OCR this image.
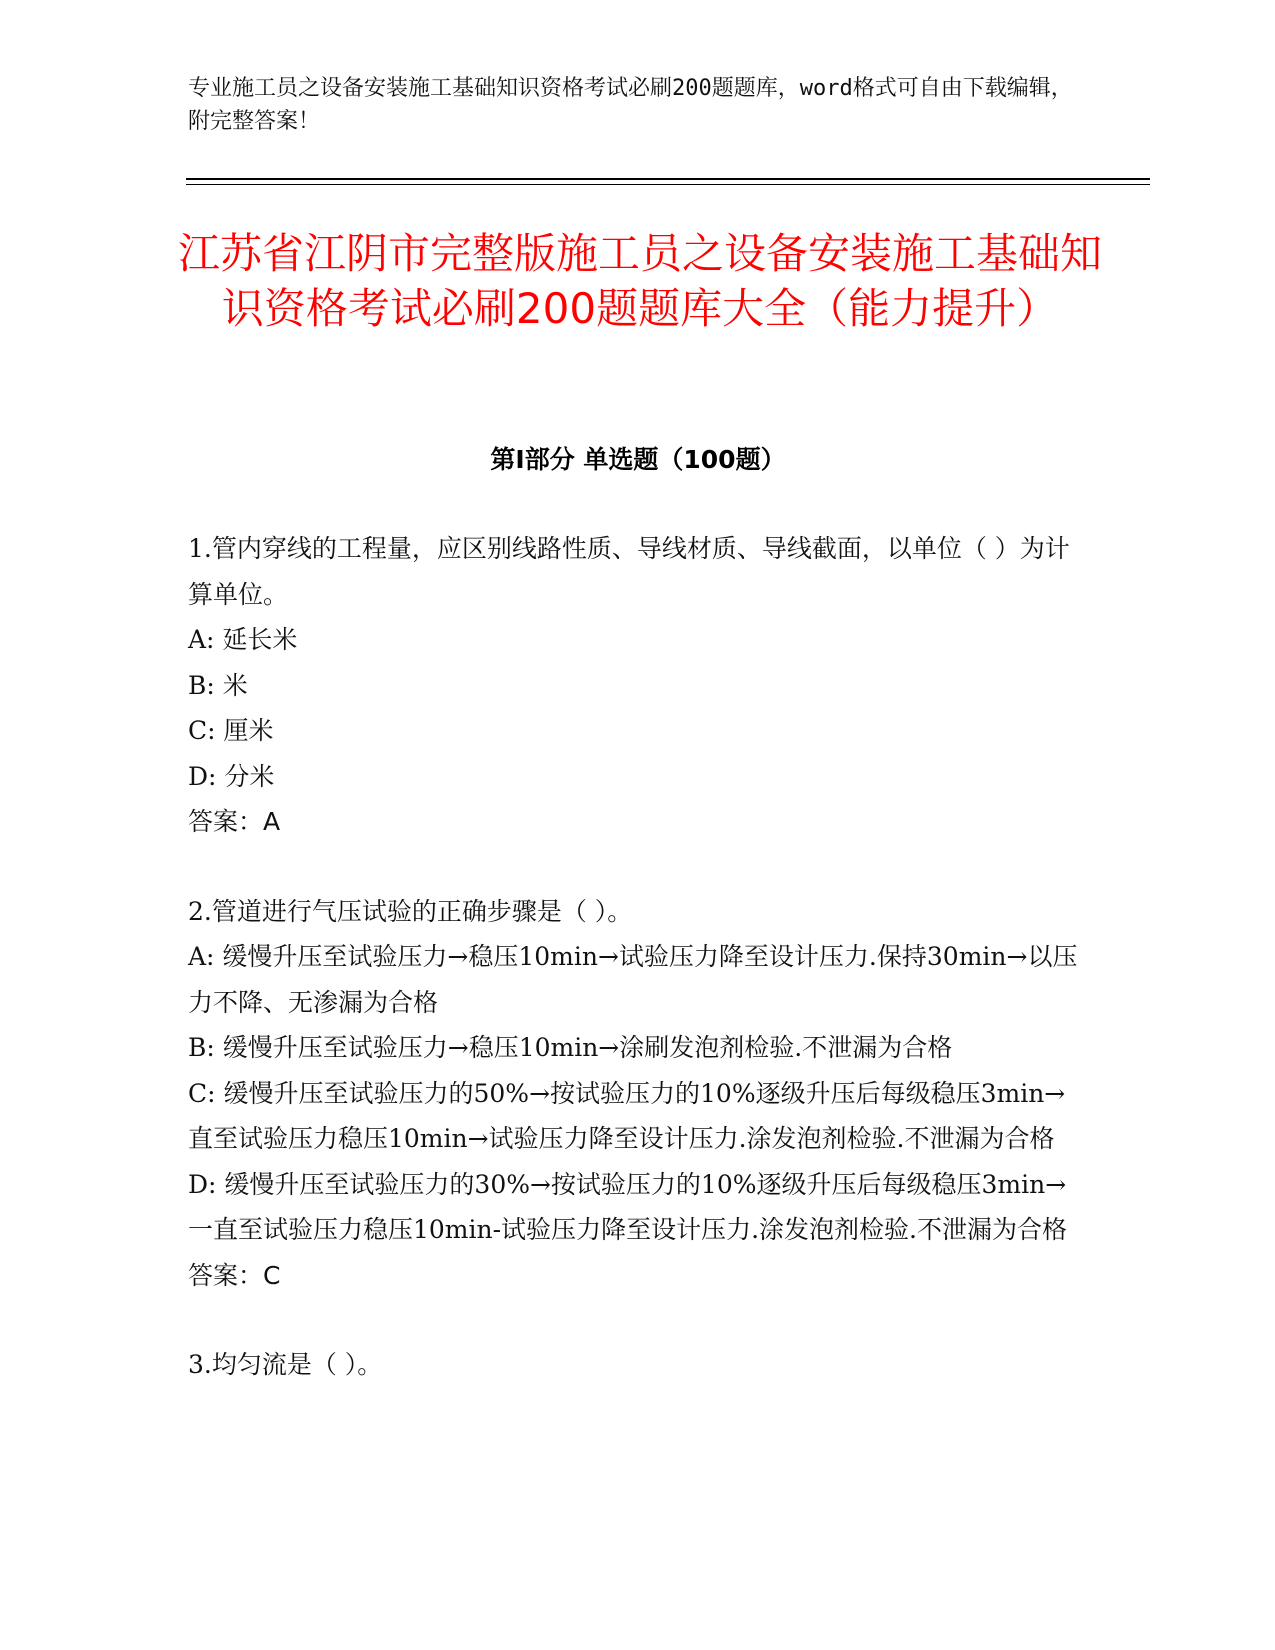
专业施工员之设备安装施工基础知识资格考试必刷200题题库，word格式可自由下载编辑，附完整答案！
江苏省江阴市完整版施工员之设备安装施工基础知识资格考试必刷200题题库大全（能力提升）
第Ⅰ部分 单选题（100题）

1.管内穿线的工程量，应区别线路性质、导线材质、导线截面，以单位（ ）为计算单位。

A: 延长米

B: 米

C: 厘米

D: 分米

答案：A

2.管道进行气压试验的正确步骤是（ ）。

A: 缓慢升压至试验压力→稳压10min→试验压力降至设计压力.保持30min→以压力不降、无渗漏为合格

B: 缓慢升压至试验压力→稳压10min→涂刷发泡剂检验.不泄漏为合格

C: 缓慢升压至试验压力的50%→按试验压力的10%逐级升压后每级稳压3min→直至试验压力稳压10min→试验压力降至设计压力.涂发泡剂检验.不泄漏为合格

D: 缓慢升压至试验压力的30%→按试验压力的10%逐级升压后每级稳压3min→一直至试验压力稳压10min-试验压力降至设计压力.涂发泡剂检验.不泄漏为合格

答案：C

3.均匀流是（ ）。
